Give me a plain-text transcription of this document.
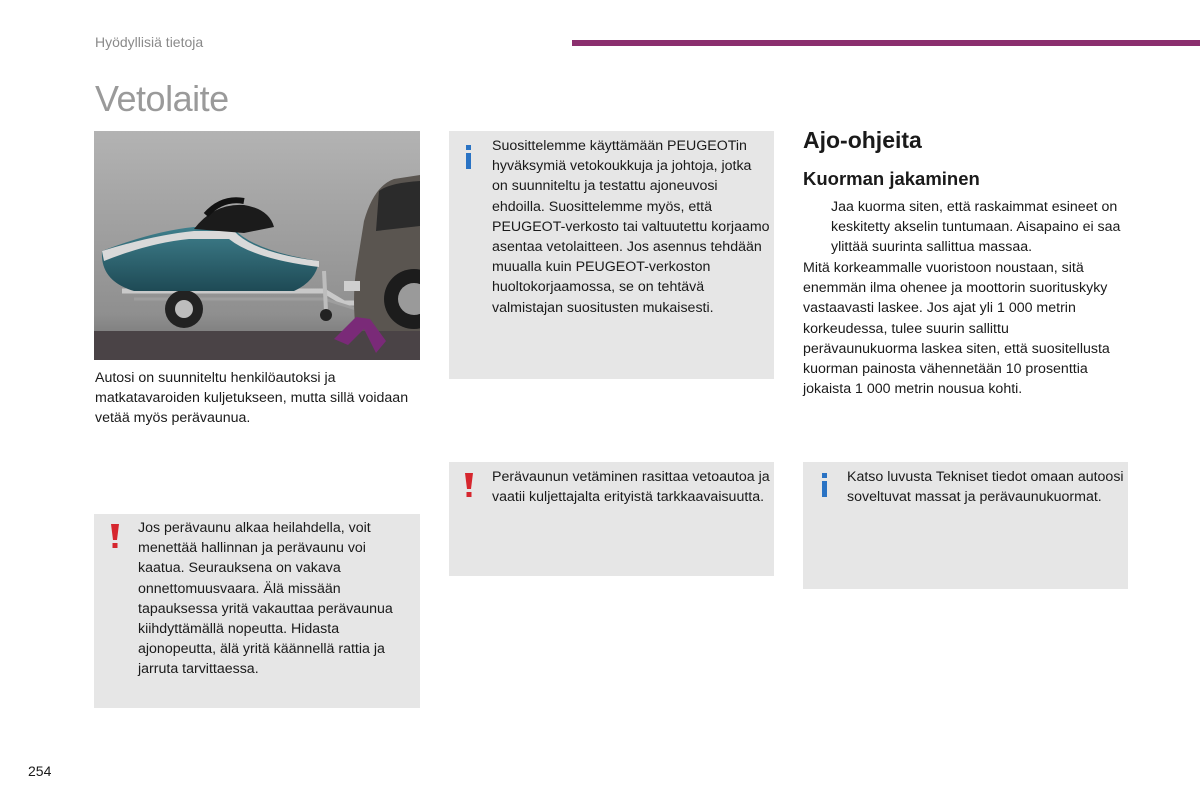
Hyödyllisiä tietoja
Vetolaite
Autosi on suunniteltu henkilöautoksi ja matkatavaroiden kuljetukseen, mutta sillä voidaan vetää myös perävaunua.
Suosittelemme käyttämään PEUGEOTin hyväksymiä vetokoukkuja ja johtoja, jotka on suunniteltu ja testattu ajoneuvosi ehdoilla. Suosittelemme myös, että PEUGEOT-verkosto tai valtuutettu korjaamo asentaa vetolaitteen. Jos asennus tehdään muualla kuin PEUGEOT-verkoston huoltokorjaamossa, se on tehtävä valmistajan suositusten mukaisesti.
Perävaunun vetäminen rasittaa vetoautoa ja vaatii kuljettajalta erityistä tarkkaavaisuutta.
Jos perävaunu alkaa heilahdella, voit menettää hallinnan ja perävaunu voi kaatua. Seurauksena on vakava onnettomuusvaara. Älä missään tapauksessa yritä vakauttaa perävaunua kiihdyttämällä nopeutta. Hidasta ajonopeutta, älä yritä käännellä rattia ja jarruta tarvittaessa.
Ajo-ohjeita
Kuorman jakaminen
Jaa kuorma siten, että raskaimmat esineet on keskitetty akselin tuntumaan. Aisapaino ei saa ylittää suurinta sallittua massaa.
Mitä korkeammalle vuoristoon noustaan, sitä enemmän ilma ohenee ja moottorin suorituskyky vastaavasti laskee. Jos ajat yli 1 000 metrin korkeudessa, tulee suurin sallittu perävaunukuorma laskea siten, että suositellusta kuorman painosta vähennetään 10 prosenttia jokaista 1 000 metrin nousua kohti.
Katso luvusta Tekniset tiedot omaan autoosi soveltuvat massat ja perävaunukuormat.
254
